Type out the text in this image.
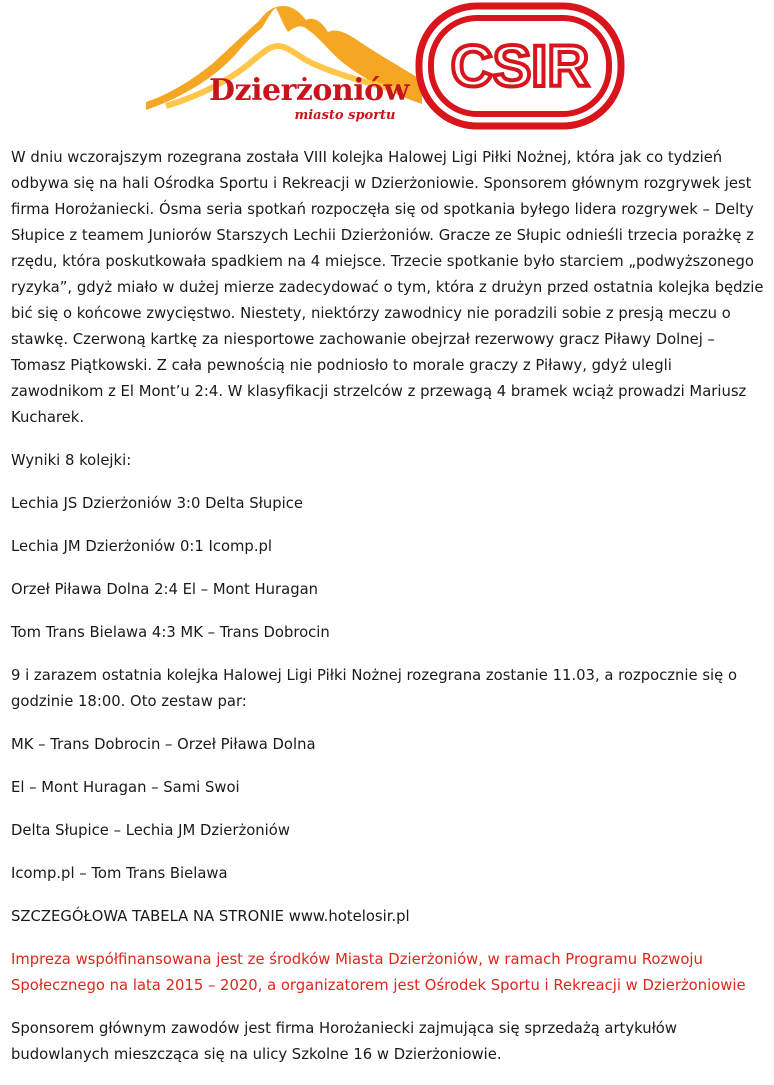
Dzierżoniów
miasto sportu
CSIR

W dniu wczorajszym rozegrana została VIII kolejka Halowej Ligi Piłki Nożnej, która jak co tydzień odbywa się na hali Ośrodka Sportu i Rekreacji w Dzierżoniowie. Sponsorem głównym rozgrywek jest firma Horożaniecki. Ósma seria spotkań rozpoczęła się od spotkania byłego lidera rozgrywek – Delty Słupice z teamem Juniorów Starszych Lechii Dzierżoniów. Gracze ze Słupic odnieśli trzecia porażkę z rzędu, która poskutkowała spadkiem na 4 miejsce. Trzecie spotkanie było starciem „podwyższonego ryzyka”, gdyż miało w dużej mierze zadecydować o tym, która z drużyn przed ostatnia kolejka będzie bić się o końcowe zwycięstwo. Niestety, niektórzy zawodnicy nie poradzili sobie z presją meczu o stawkę. Czerwoną kartkę za niesportowe zachowanie obejrzał rezerwowy gracz Piławy Dolnej – Tomasz Piątkowski. Z cała pewnością nie podniosło to morale graczy z Piławy, gdyż ulegli zawodnikom z El Mont’u 2:4. W klasyfikacji strzelców z przewagą 4 bramek wciąż prowadzi Mariusz Kucharek.

Wyniki 8 kolejki:

Lechia JS Dzierżoniów 3:0 Delta Słupice

Lechia JM Dzierżoniów 0:1 Icomp.pl

Orzeł Piława Dolna 2:4 El – Mont Huragan

Tom Trans Bielawa 4:3 MK – Trans Dobrocin

9 i zarazem ostatnia kolejka Halowej Ligi Piłki Nożnej rozegrana zostanie 11.03, a rozpocznie się o godzinie 18:00. Oto zestaw par:

MK – Trans Dobrocin – Orzeł Piława Dolna

El – Mont Huragan – Sami Swoi

Delta Słupice – Lechia JM Dzierżoniów

Icomp.pl – Tom Trans Bielawa

SZCZEGÓŁOWA TABELA NA STRONIE www.hotelosir.pl

Impreza współfinansowana jest ze środków Miasta Dzierżoniów, w ramach Programu Rozwoju Społecznego na lata 2015 – 2020, a organizatorem jest Ośrodek Sportu i Rekreacji w Dzierżoniowie

Sponsorem głównym zawodów jest firma Horożaniecki zajmująca się sprzedażą artykułów budowlanych mieszcząca się na ulicy Szkolne 16 w Dzierżoniowie.
